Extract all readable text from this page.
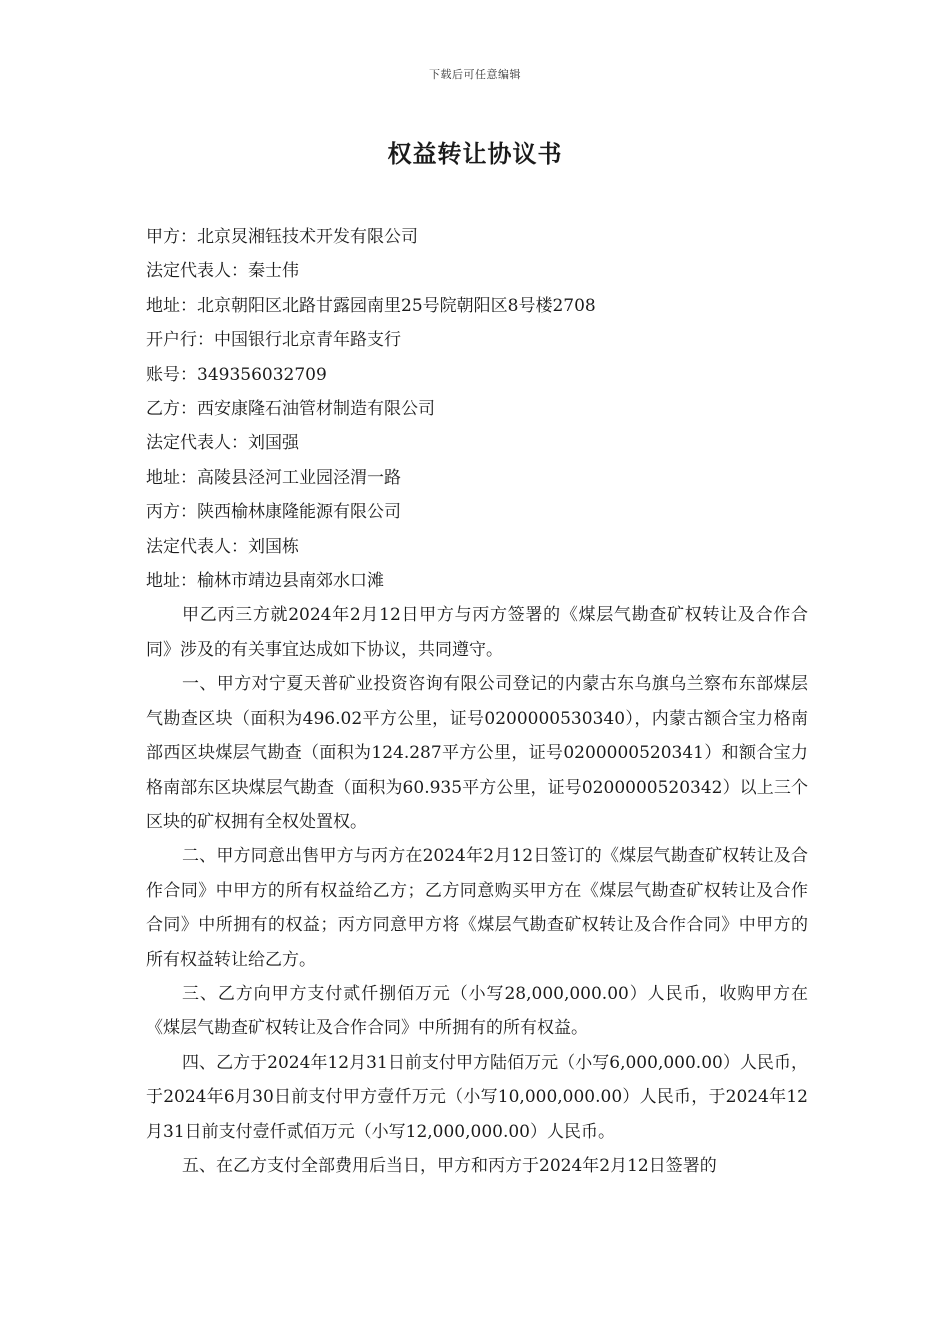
下载后可任意编辑
权益转让协议书

甲方：北京炅湘钰技术开发有限公司

法定代表人：秦士伟

地址：北京朝阳区北路甘露园南里25号院朝阳区8号楼2708

开户行：中国银行北京青年路支行

账号：349356032709

乙方：西安康隆石油管材制造有限公司

法定代表人：刘国强

地址：高陵县泾河工业园泾渭一路

丙方：陕西榆林康隆能源有限公司

法定代表人：刘国栋

地址：榆林市靖边县南郊水口滩

甲乙丙三方就2024年2月12日甲方与丙方签署的《煤层气勘查矿权转让及合作合同》涉及的有关事宜达成如下协议，共同遵守。

一、甲方对宁夏天普矿业投资咨询有限公司登记的内蒙古东乌旗乌兰察布东部煤层气勘查区块（面积为496.02平方公里，证号0200000530340），内蒙古额合宝力格南部西区块煤层气勘查（面积为124.287平方公里，证号0200000520341）和额合宝力格南部东区块煤层气勘查（面积为60.935平方公里，证号0200000520342）以上三个区块的矿权拥有全权处置权。

二、甲方同意出售甲方与丙方在2024年2月12日签订的《煤层气勘查矿权转让及合作合同》中甲方的所有权益给乙方；乙方同意购买甲方在《煤层气勘查矿权转让及合作合同》中所拥有的权益；丙方同意甲方将《煤层气勘查矿权转让及合作合同》中甲方的所有权益转让给乙方。

三、乙方向甲方支付贰仟捌佰万元（小写28,000,000.00）人民币，收购甲方在《煤层气勘查矿权转让及合作合同》中所拥有的所有权益。

四、乙方于2024年12月31日前支付甲方陆佰万元（小写6,000,000.00）人民币，于2024年6月30日前支付甲方壹仟万元（小写10,000,000.00）人民币，于2024年12月31日前支付壹仟贰佰万元（小写12,000,000.00）人民币。

五、在乙方支付全部费用后当日，甲方和丙方于2024年2月12日签署的
